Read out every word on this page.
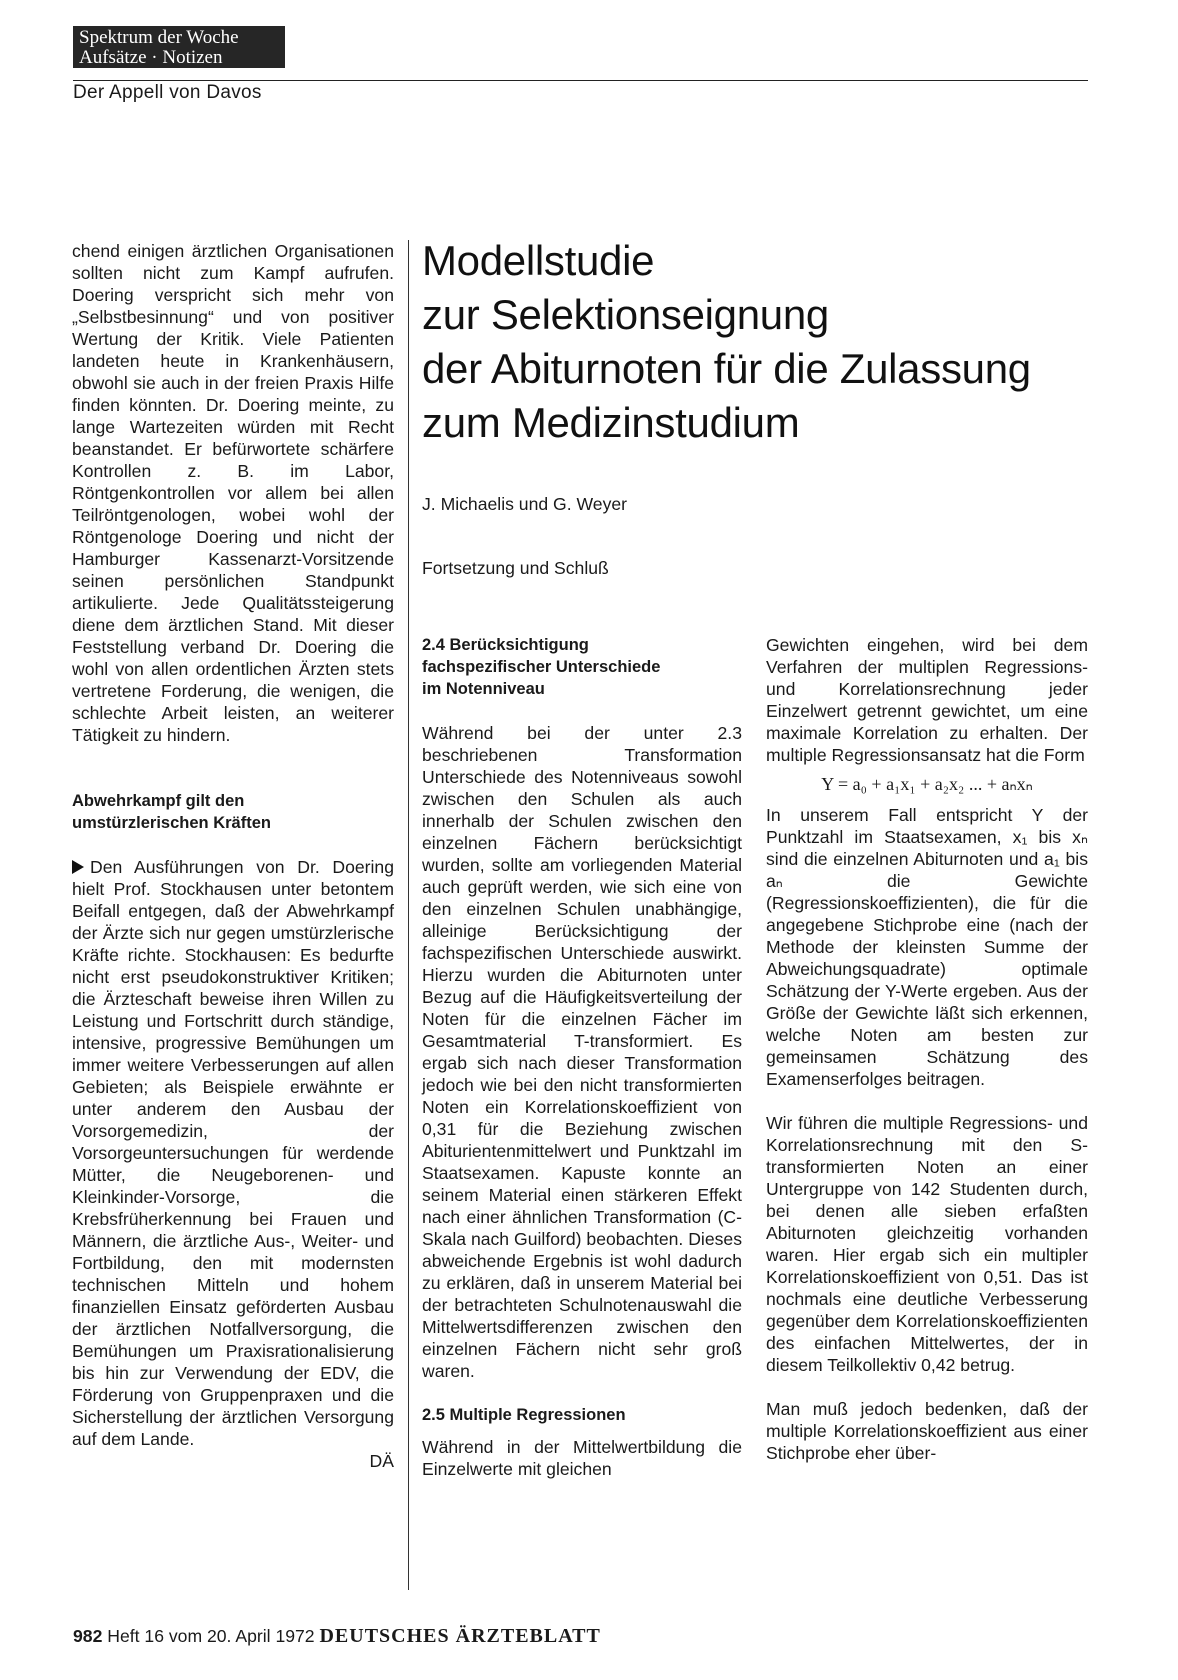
Spektrum der Woche
Aufsätze · Notizen
Der Appell von Davos

chend einigen ärztlichen Organisationen sollten nicht zum Kampf aufrufen. Doering verspricht sich mehr von „Selbstbesinnung“ und von positiver Wertung der Kritik. Viele Patienten landeten heute in Krankenhäusern, obwohl sie auch in der freien Praxis Hilfe finden könnten. Dr. Doering meinte, zu lange Wartezeiten würden mit Recht beanstandet. Er befürwortete schärfere Kontrollen z. B. im Labor, Röntgenkontrollen vor allem bei allen Teilröntgenologen, wobei wohl der Röntgenologe Doering und nicht der Hamburger Kassenarzt-Vorsitzende seinen persönlichen Standpunkt artikulierte. Jede Qualitätssteigerung diene dem ärztlichen Stand. Mit dieser Feststellung verband Dr. Doering die wohl von allen ordentlichen Ärzten stets vertretene Forderung, die wenigen, die schlechte Arbeit leisten, an weiterer Tätigkeit zu hindern.

Abwehrkampf gilt den
umstürzlerischen Kräften

Den Ausführungen von Dr. Doering hielt Prof. Stockhausen unter betontem Beifall entgegen, daß der Abwehrkampf der Ärzte sich nur gegen umstürzlerische Kräfte richte. Stockhausen: Es bedurfte nicht erst pseudokonstruktiver Kritiken; die Ärzteschaft beweise ihren Willen zu Leistung und Fortschritt durch ständige, intensive, progressive Bemühungen um immer weitere Verbesserungen auf allen Gebieten; als Beispiele erwähnte er unter anderem den Ausbau der Vorsorgemedizin, der Vorsorgeuntersuchungen für werdende Mütter, die Neugeborenen- und Kleinkinder-Vorsorge, die Krebsfrüherkennung bei Frauen und Männern, die ärztliche Aus-, Weiter- und Fortbildung, den mit modernsten technischen Mitteln und hohem finanziellen Einsatz geförderten Ausbau der ärztlichen Notfallversorgung, die Bemühungen um Praxisrationalisierung bis hin zur Verwendung der EDV, die Förderung von Gruppenpraxen und die Sicherstellung der ärztlichen Versorgung auf dem Lande.

DÄ
Modellstudie
zur Selektionseignung
der Abiturnoten für die Zulassung
zum Medizinstudium
J. Michaelis und G. Weyer
Fortsetzung und Schluß
2.4 Berücksichtigung
fachspezifischer Unterschiede
im Notenniveau

Während bei der unter 2.3 beschriebenen Transformation Unterschiede des Notenniveaus sowohl zwischen den Schulen als auch innerhalb der Schulen zwischen den einzelnen Fächern berücksichtigt wurden, sollte am vorliegenden Material auch geprüft werden, wie sich eine von den einzelnen Schulen unabhängige, alleinige Berücksichtigung der fachspezifischen Unterschiede auswirkt. Hierzu wurden die Abiturnoten unter Bezug auf die Häufigkeitsverteilung der Noten für die einzelnen Fächer im Gesamtmaterial T-transformiert. Es ergab sich nach dieser Transformation jedoch wie bei den nicht transformierten Noten ein Korrelationskoeffizient von 0,31 für die Beziehung zwischen Abiturientenmittelwert und Punktzahl im Staatsexamen. Kapuste konnte an seinem Material einen stärkeren Effekt nach einer ähnlichen Transformation (C-Skala nach Guilford) beobachten. Dieses abweichende Ergebnis ist wohl dadurch zu erklären, daß in unserem Material bei der betrachteten Schulnotenauswahl die Mittelwertsdifferenzen zwischen den einzelnen Fächern nicht sehr groß waren.

2.5 Multiple Regressionen

Während in der Mittelwertbildung die Einzelwerte mit gleichen

Gewichten eingehen, wird bei dem Verfahren der multiplen Regressions- und Korrelationsrechnung jeder Einzelwert getrennt gewichtet, um eine maximale Korrelation zu erhalten. Der multiple Regressionsansatz hat die Form

Y = a₀ + a₁x₁ + a₂x₂ ... + aₙxₙ

In unserem Fall entspricht Y der Punktzahl im Staatsexamen, x₁ bis xₙ sind die einzelnen Abiturnoten und a₁ bis aₙ die Gewichte (Regressionskoeffizienten), die für die angegebene Stichprobe eine (nach der Methode der kleinsten Summe der Abweichungsquadrate) optimale Schätzung der Y-Werte ergeben. Aus der Größe der Gewichte läßt sich erkennen, welche Noten am besten zur gemeinsamen Schätzung des Examenserfolges beitragen.

Wir führen die multiple Regressions- und Korrelationsrechnung mit den S-transformierten Noten an einer Untergruppe von 142 Studenten durch, bei denen alle sieben erfaßten Abiturnoten gleichzeitig vorhanden waren. Hier ergab sich ein multipler Korrelationskoeffizient von 0,51. Das ist nochmals eine deutliche Verbesserung gegenüber dem Korrelationskoeffizienten des einfachen Mittelwertes, der in diesem Teilkollektiv 0,42 betrug.

Man muß jedoch bedenken, daß der multiple Korrelationskoeffizient aus einer Stichprobe eher über-

982 Heft 16 vom 20. April 1972 DEUTSCHES ÄRZTEBLATT
